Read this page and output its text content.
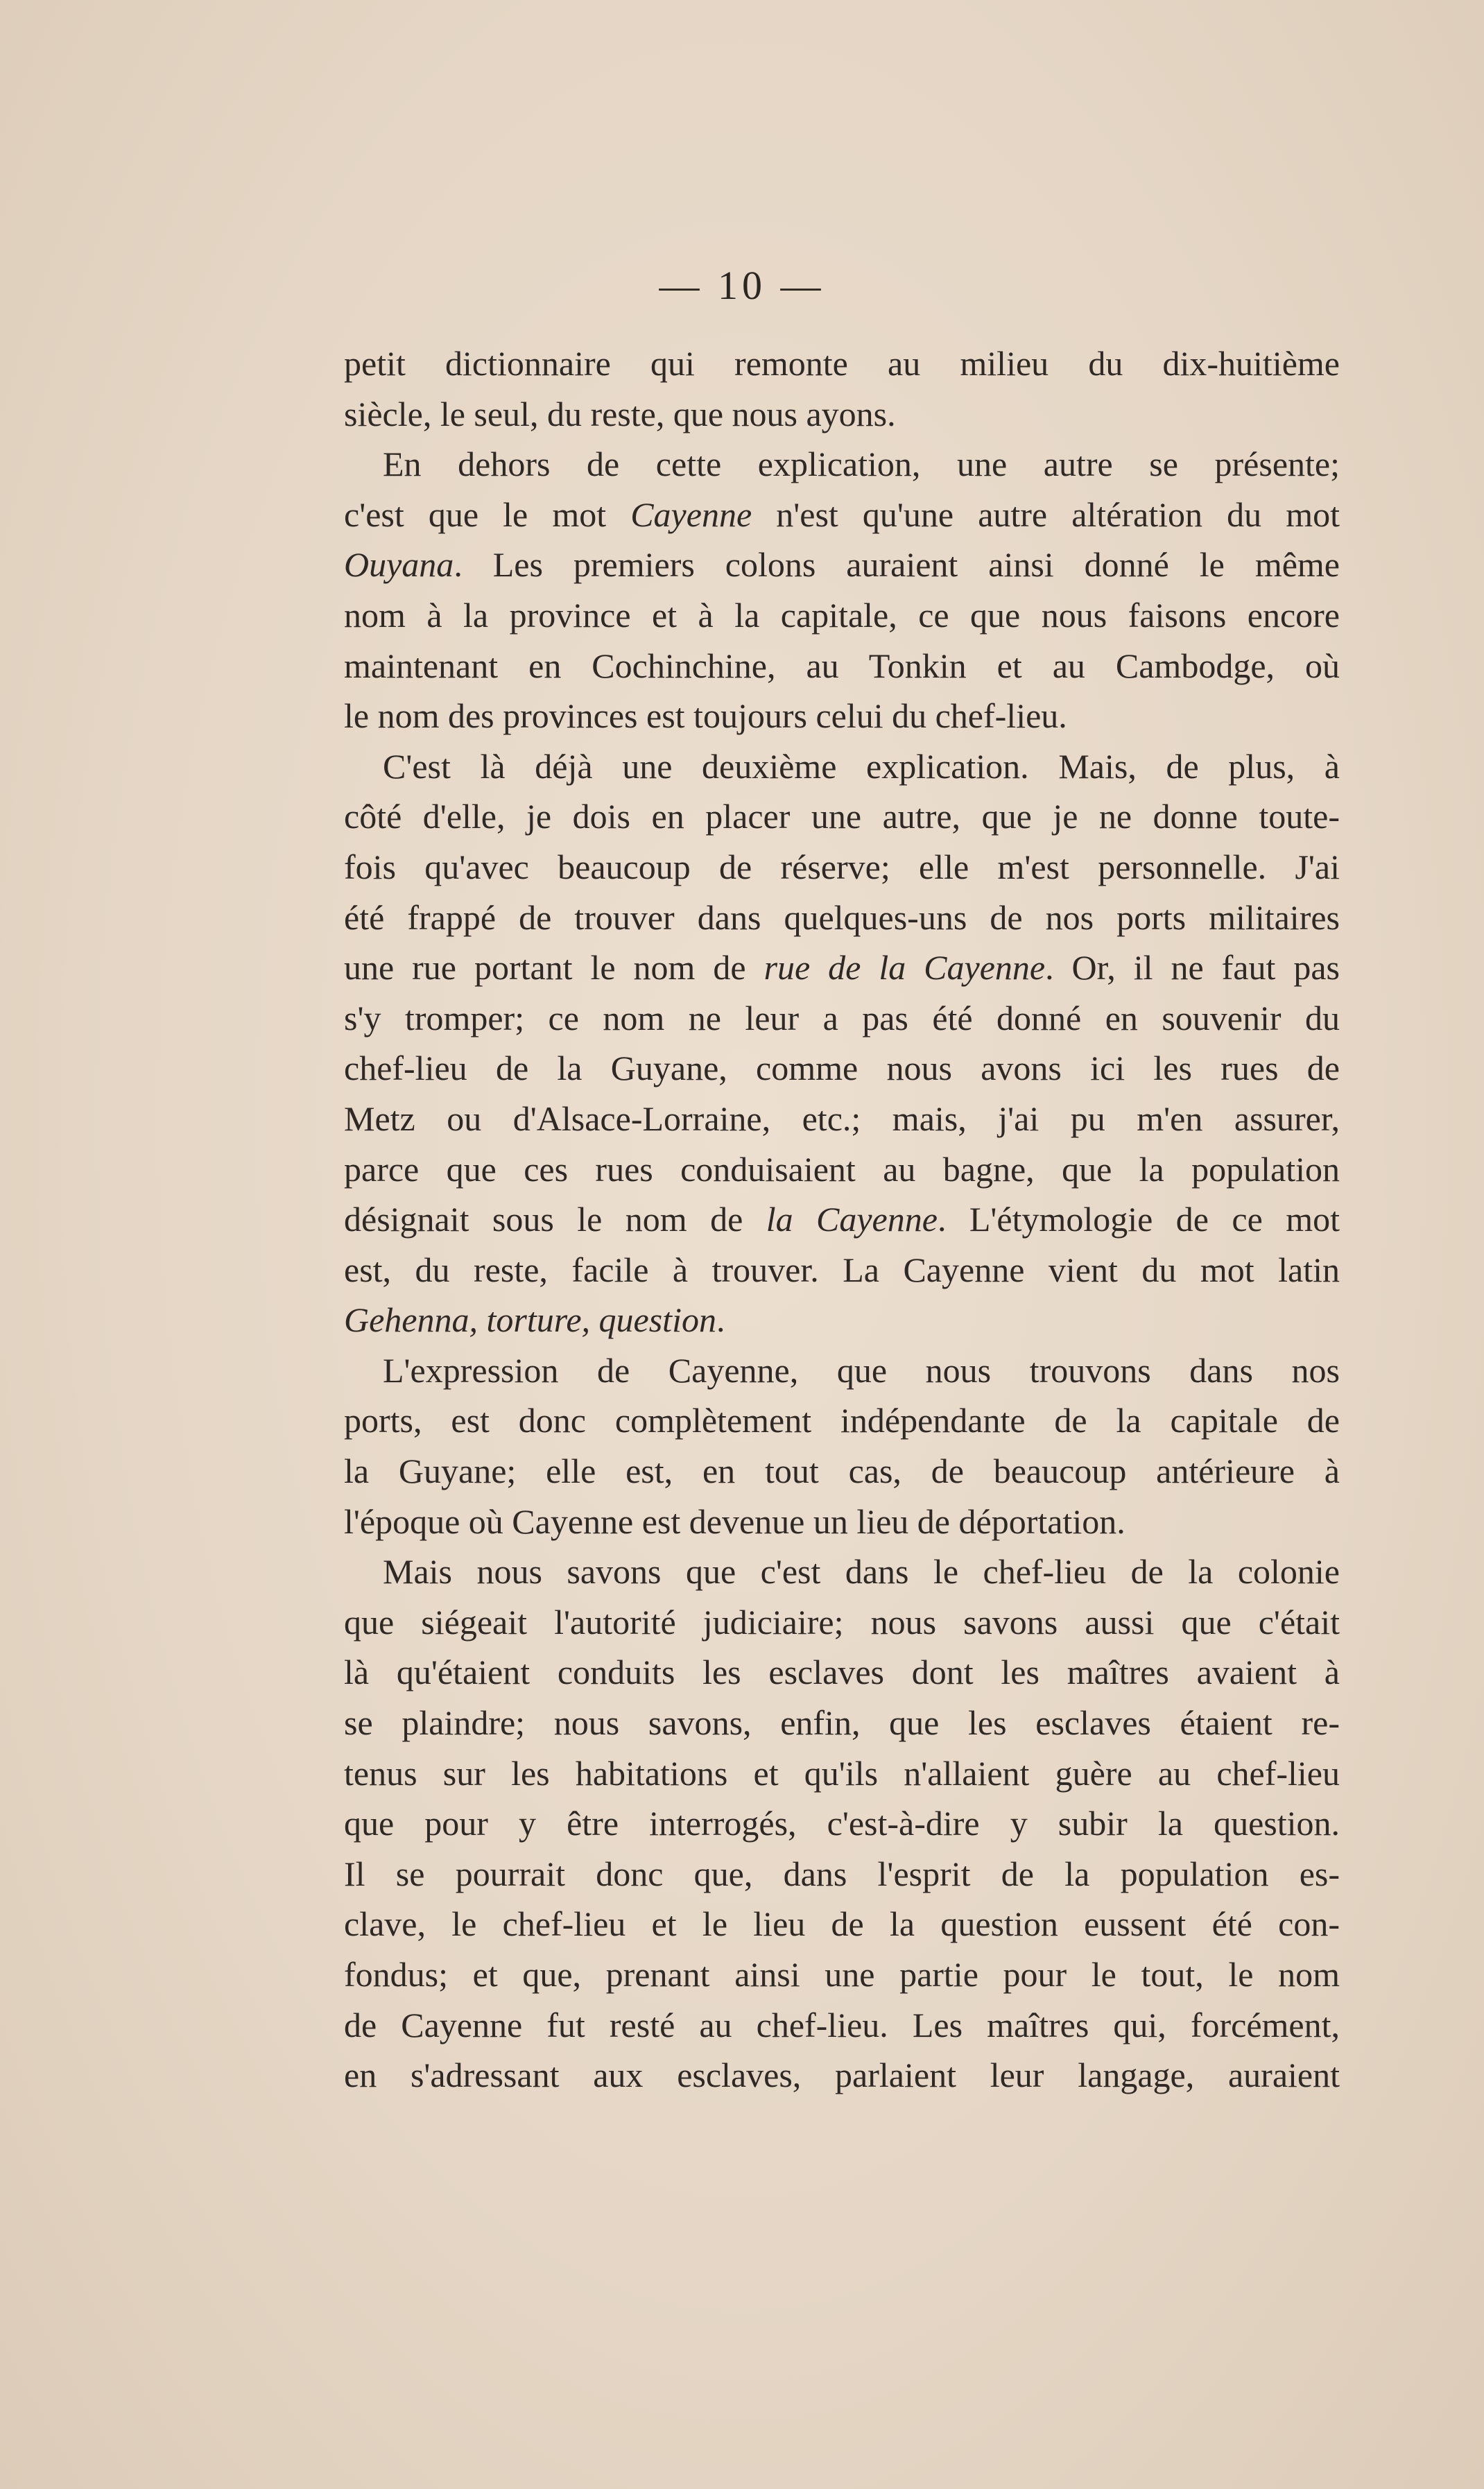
— 10 —
petit dictionnaire qui remonte au milieu du dix-huitième
siècle, le seul, du reste, que nous ayons.
En dehors de cette explication, une autre se présente;
c'est que le mot Cayenne n'est qu'une autre altération du mot
Ouyana. Les premiers colons auraient ainsi donné le même
nom à la province et à la capitale, ce que nous faisons encore
maintenant en Cochinchine, au Tonkin et au Cambodge, où
le nom des provinces est toujours celui du chef-lieu.
C'est là déjà une deuxième explication. Mais, de plus, à
côté d'elle, je dois en placer une autre, que je ne donne toute-
fois qu'avec beaucoup de réserve; elle m'est personnelle. J'ai
été frappé de trouver dans quelques-uns de nos ports militaires
une rue portant le nom de rue de la Cayenne. Or, il ne faut pas
s'y tromper; ce nom ne leur a pas été donné en souvenir du
chef-lieu de la Guyane, comme nous avons ici les rues de
Metz ou d'Alsace-Lorraine, etc.; mais, j'ai pu m'en assurer,
parce que ces rues conduisaient au bagne, que la population
désignait sous le nom de la Cayenne. L'étymologie de ce mot
est, du reste, facile à trouver. La Cayenne vient du mot latin
Gehenna, torture, question.
L'expression de Cayenne, que nous trouvons dans nos
ports, est donc complètement indépendante de la capitale de
la Guyane; elle est, en tout cas, de beaucoup antérieure à
l'époque où Cayenne est devenue un lieu de déportation.
Mais nous savons que c'est dans le chef-lieu de la colonie
que siégeait l'autorité judiciaire; nous savons aussi que c'était
là qu'étaient conduits les esclaves dont les maîtres avaient à
se plaindre; nous savons, enfin, que les esclaves étaient re-
tenus sur les habitations et qu'ils n'allaient guère au chef-lieu
que pour y être interrogés, c'est-à-dire y subir la question.
Il se pourrait donc que, dans l'esprit de la population es-
clave, le chef-lieu et le lieu de la question eussent été con-
fondus; et que, prenant ainsi une partie pour le tout, le nom
de Cayenne fut resté au chef-lieu. Les maîtres qui, forcément,
en s'adressant aux esclaves, parlaient leur langage, auraient
